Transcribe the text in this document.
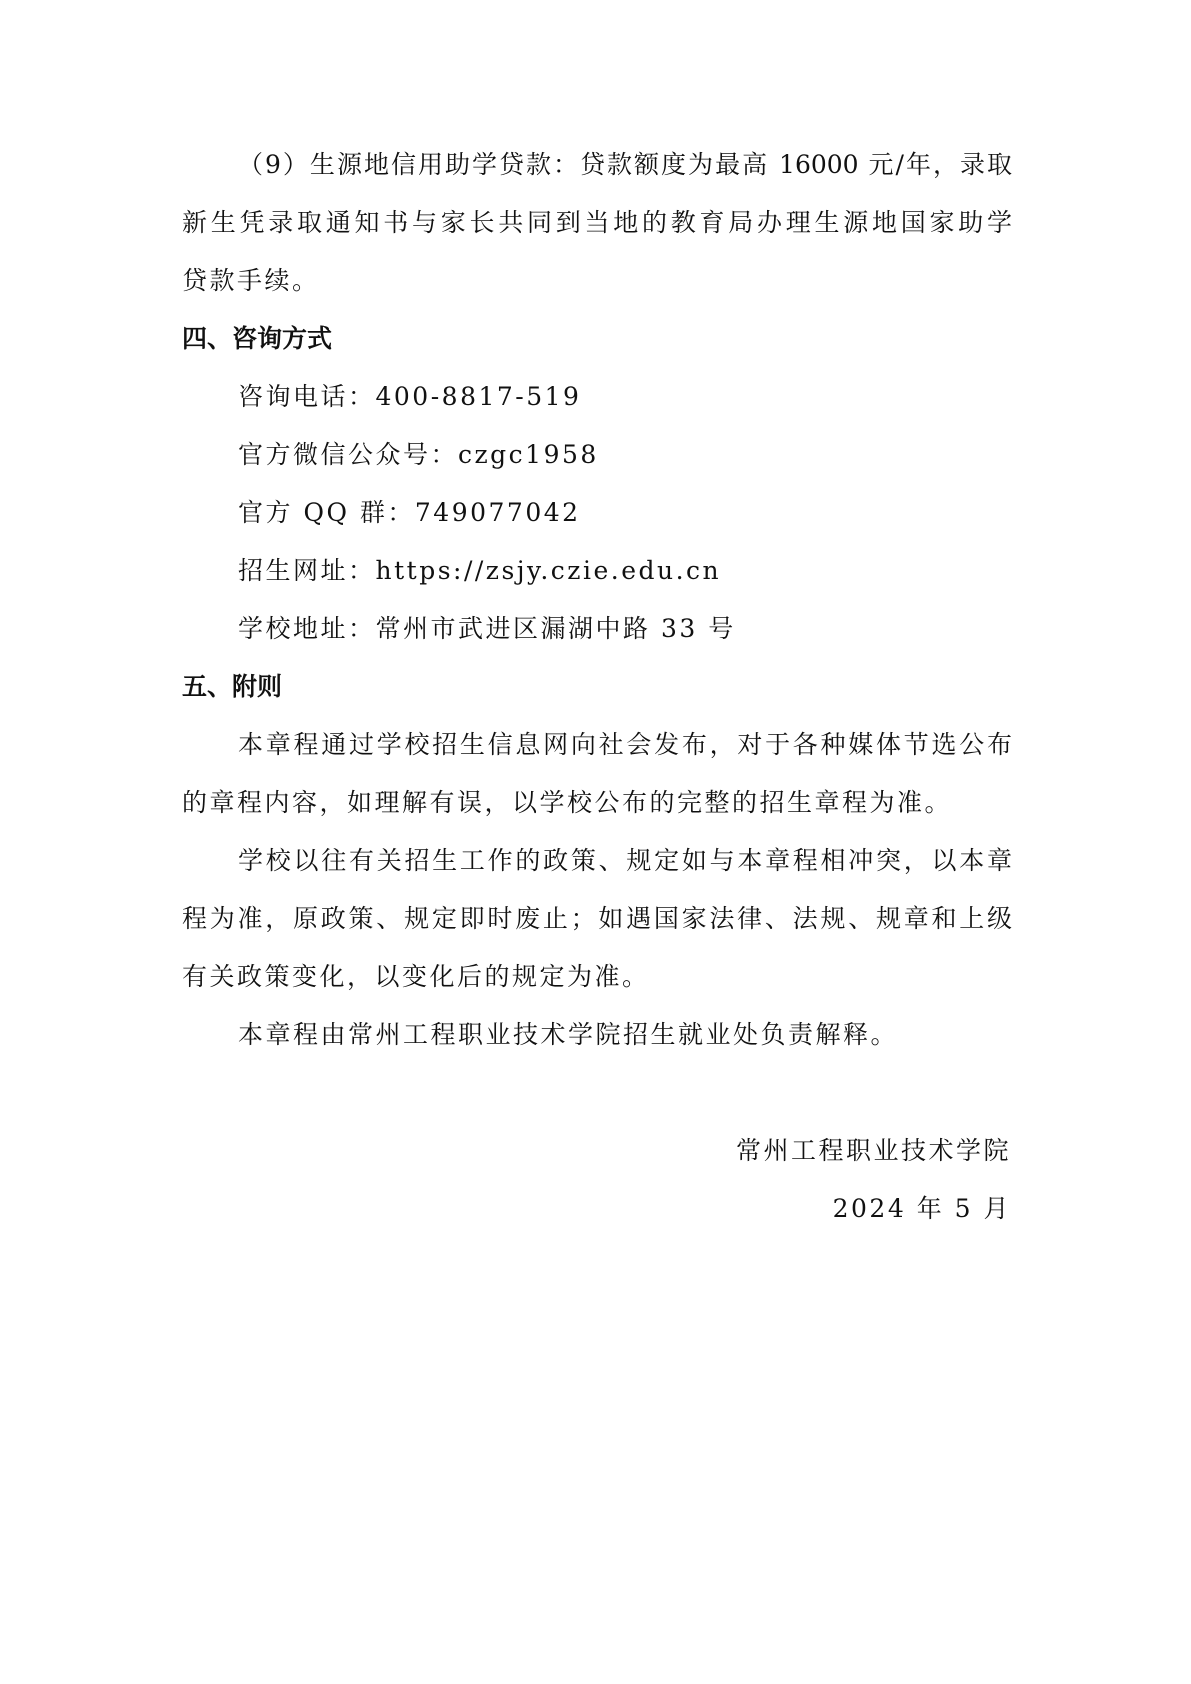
（9）生源地信用助学贷款：贷款额度为最高 16000 元/年，录取
新生凭录取通知书与家长共同到当地的教育局办理生源地国家助学
贷款手续。
四、咨询方式
咨询电话：400-8817-519
官方微信公众号：czgc1958
官方 QQ 群：749077042
招生网址：https://zsjy.czie.edu.cn
学校地址：常州市武进区漏湖中路 33 号
五、附则
本章程通过学校招生信息网向社会发布，对于各种媒体节选公布
的章程内容，如理解有误，以学校公布的完整的招生章程为准。
学校以往有关招生工作的政策、规定如与本章程相冲突，以本章
程为准，原政策、规定即时废止；如遇国家法律、法规、规章和上级
有关政策变化，以变化后的规定为准。
本章程由常州工程职业技术学院招生就业处负责解释。
常州工程职业技术学院
2024 年 5 月
